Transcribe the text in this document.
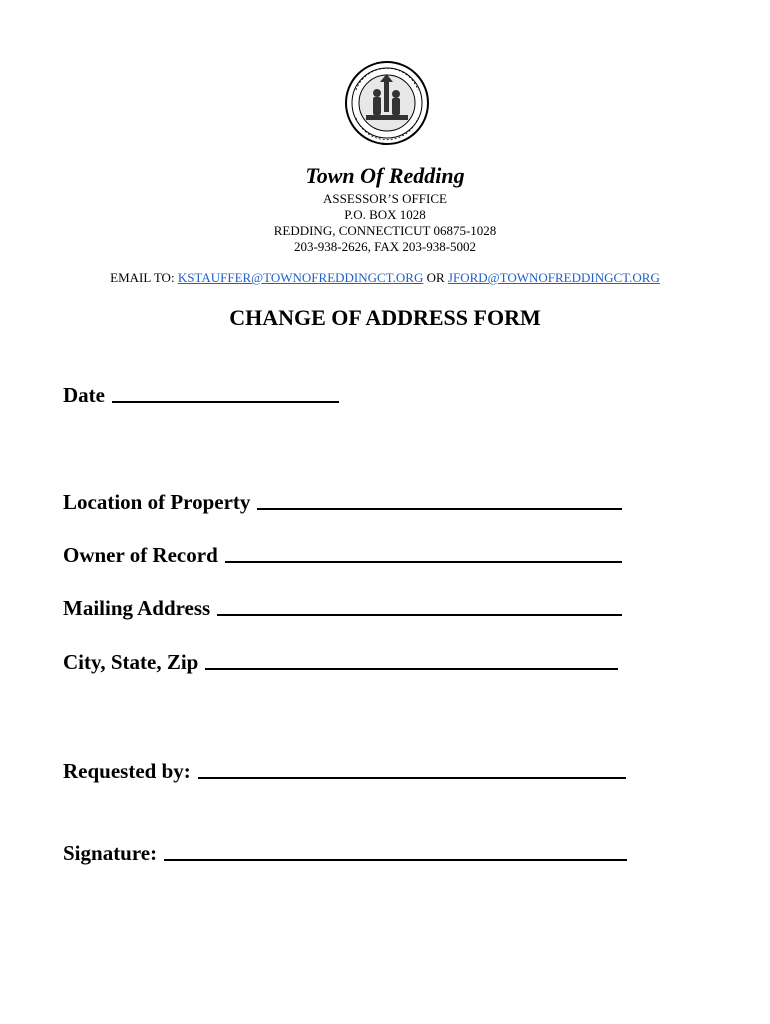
Town Of Redding
ASSESSOR’S OFFICE
P.O. BOX 1028
REDDING, CONNECTICUT 06875-1028
203-938-2626, FAX 203-938-5002
EMAIL TO: KSTAUFFER@TOWNOFREDDINGCT.ORG OR JFORD@TOWNOFREDDINGCT.ORG
CHANGE OF ADDRESS FORM
Date
Location of Property
Owner of Record
Mailing Address
City, State, Zip
Requested by:
Signature:
